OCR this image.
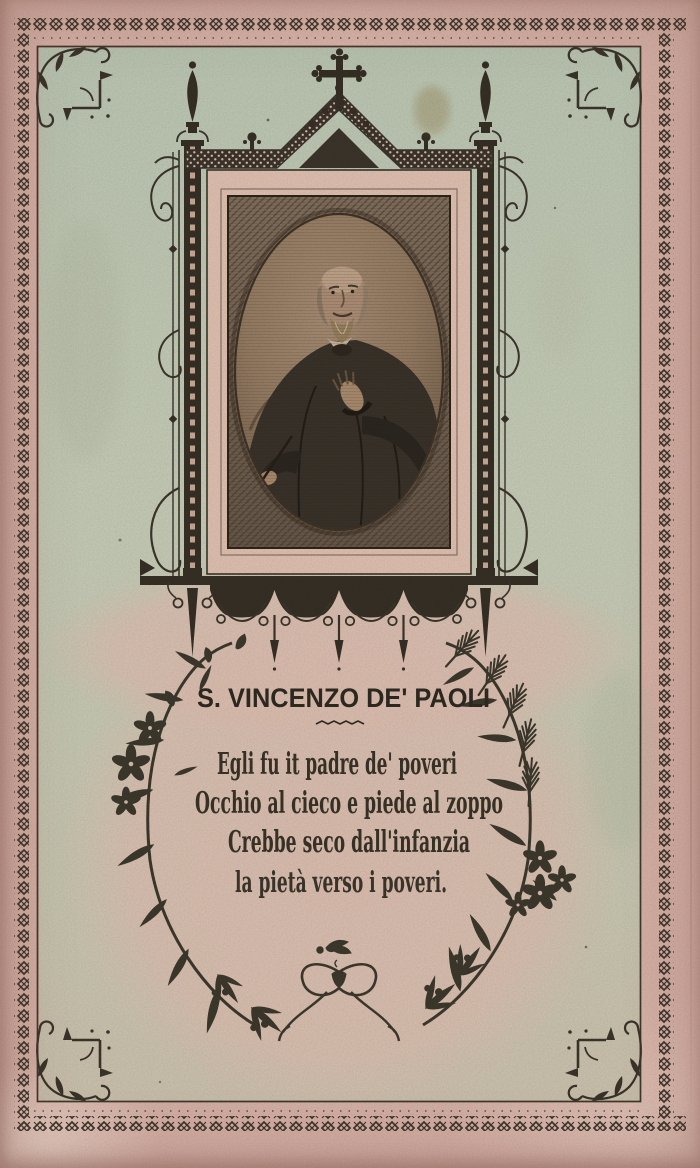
S. VINCENZO DE' PAOLI
Egli fu it padre de' poveri
Occhio al cieco e piede al zoppo
Crebbe seco dall'infanzia
la pietà verso i poveri.
